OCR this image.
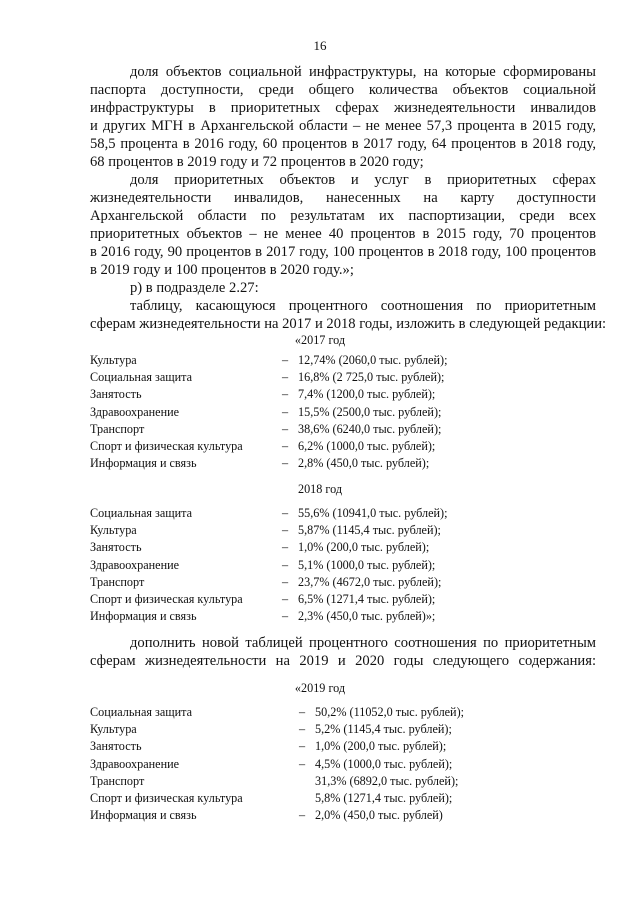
16

доля объектов социальной инфраструктуры, на которые сформированы

паспорта доступности, среди общего количества объектов социальной

инфраструктуры в приоритетных сферах жизнедеятельности инвалидов

и других МГН в Архангельской области – не менее 57,3 процента в 2015 году,

58,5 процента в 2016 году, 60 процентов в 2017 году, 64 процентов в 2018 году,

68 процентов в 2019 году и 72 процентов в 2020 году;

доля приоритетных объектов и услуг в приоритетных сферах

жизнедеятельности инвалидов, нанесенных на карту доступности

Архангельской области по результатам их паспортизации, среди всех

приоритетных объектов – не менее 40 процентов в 2015 году, 70 процентов

в 2016 году, 90 процентов в 2017 году, 100 процентов в 2018 году, 100 процентов

в 2019 году и 100 процентов в 2020 году.»;

р) в подразделе 2.27:

таблицу, касающуюся процентного соотношения по приоритетным

сферам жизнедеятельности на 2017 и 2018 годы, изложить в следующей редакции:

«2017 год
Культура	– 12,74% (2060,0 тыс. рублей);
Социальная защита	– 16,8% (2 725,0 тыс. рублей);
Занятость	– 7,4% (1200,0 тыс. рублей);
Здравоохранение	– 15,5% (2500,0 тыс. рублей);
Транспорт	– 38,6% (6240,0 тыс. рублей);
Спорт и физическая культура	– 6,2% (1000,0 тыс. рублей);
Информация и связь	– 2,8% (450,0 тыс. рублей);
2018 год
Социальная защита	– 55,6% (10941,0 тыс. рублей);
Культура	– 5,87% (1145,4 тыс. рублей);
Занятость	– 1,0% (200,0 тыс. рублей);
Здравоохранение	– 5,1% (1000,0 тыс. рублей);
Транспорт	– 23,7% (4672,0 тыс. рублей);
Спорт и физическая культура	– 6,5% (1271,4 тыс. рублей);
Информация и связь	– 2,3% (450,0 тыс. рублей)»;

дополнить новой таблицей процентного соотношения по приоритетным

сферам жизнедеятельности на 2019 и 2020 годы следующего содержания:

«2019 год
Социальная защита	– 50,2% (11052,0 тыс. рублей);
Культура	– 5,2% (1145,4 тыс. рублей);
Занятость	– 1,0% (200,0 тыс. рублей);
Здравоохранение	– 4,5% (1000,0 тыс. рублей);
Транспорт	31,3% (6892,0 тыс. рублей);
Спорт и физическая культура	5,8% (1271,4 тыс. рублей);
Информация и связь	– 2,0% (450,0 тыс. рублей)
